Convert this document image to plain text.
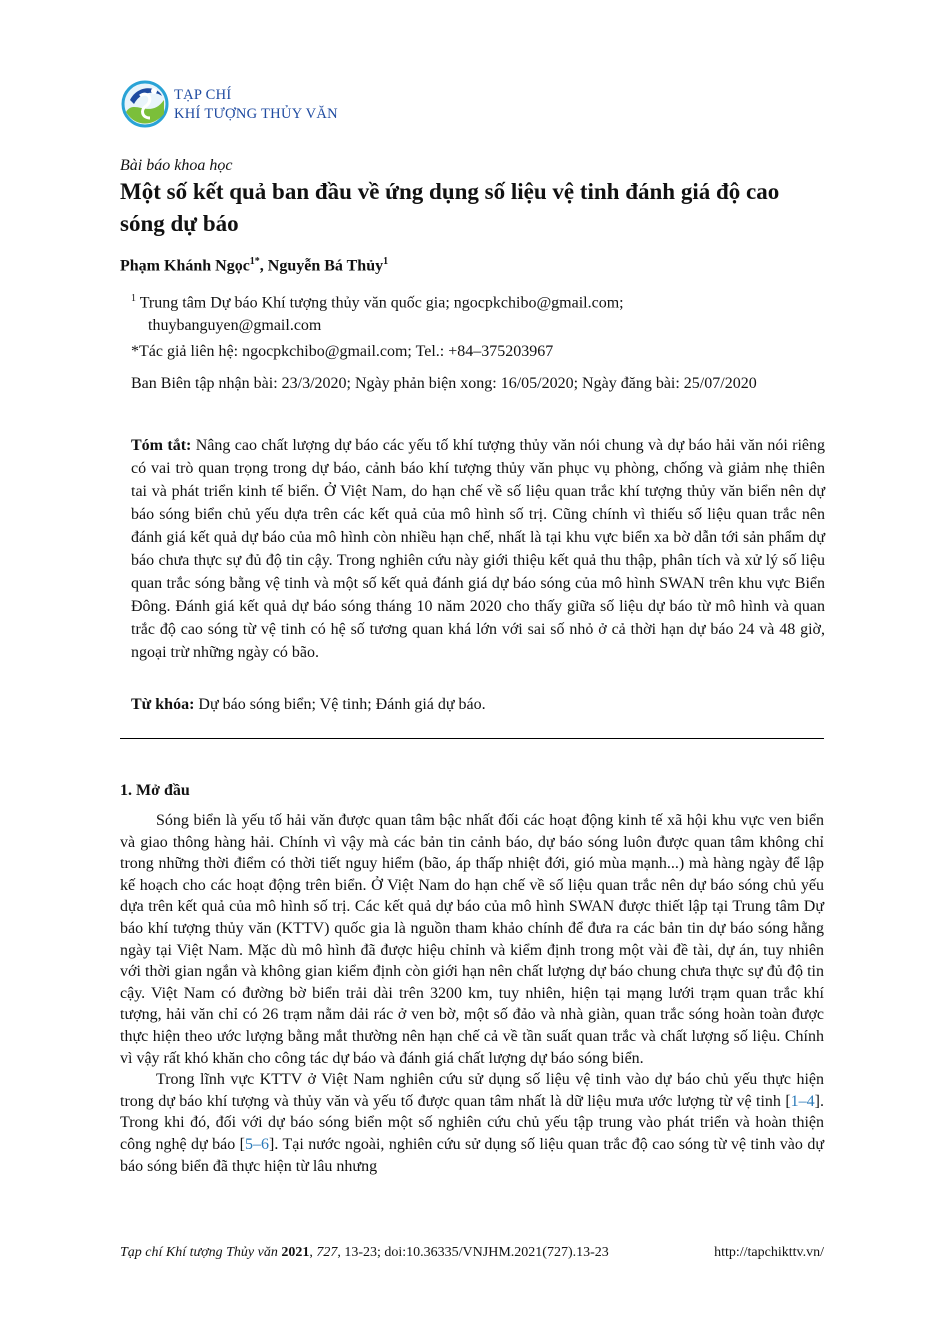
TẠP CHÍ
KHÍ TƯỢNG THỦY VĂN
Bài báo khoa học
Một số kết quả ban đầu về ứng dụng số liệu vệ tinh đánh giá độ cao sóng dự báo
Phạm Khánh Ngọc$^{1*}$, Nguyễn Bá Thủy$^1$
$^1$ Trung tâm Dự báo Khí tượng thủy văn quốc gia; ngocpkchibo@gmail.com;
thuybanguyen@gmail.com
*Tác giả liên hệ: ngocpkchibo@gmail.com; Tel.: +84–375203967
Ban Biên tập nhận bài: 23/3/2020; Ngày phản biện xong: 16/05/2020; Ngày đăng bài: 25/07/2020
Tóm tắt: Nâng cao chất lượng dự báo các yếu tố khí tượng thủy văn nói chung và dự báo hải văn nói riêng có vai trò quan trọng trong dự báo, cảnh báo khí tượng thủy văn phục vụ phòng, chống và giảm nhẹ thiên tai và phát triển kinh tế biển. Ở Việt Nam, do hạn chế về số liệu quan trắc khí tượng thủy văn biển nên dự báo sóng biển chủ yếu dựa trên các kết quả của mô hình số trị. Cũng chính vì thiếu số liệu quan trắc nên đánh giá kết quả dự báo của mô hình còn nhiều hạn chế, nhất là tại khu vực biển xa bờ dẫn tới sản phẩm dự báo chưa thực sự đủ độ tin cậy. Trong nghiên cứu này giới thiệu kết quả thu thập, phân tích và xử lý số liệu quan trắc sóng bằng vệ tinh và một số kết quả đánh giá dự báo sóng của mô hình SWAN trên khu vực Biển Đông. Đánh giá kết quả dự báo sóng tháng 10 năm 2020 cho thấy giữa số liệu dự báo từ mô hình và quan trắc độ cao sóng từ vệ tinh có hệ số tương quan khá lớn với sai số nhỏ ở cả thời hạn dự báo 24 và 48 giờ, ngoại trừ những ngày có bão.
Từ khóa: Dự báo sóng biển; Vệ tinh; Đánh giá dự báo.
1. Mở đầu

Sóng biển là yếu tố hải văn được quan tâm bậc nhất đối các hoạt động kinh tế xã hội khu vực ven biển và giao thông hàng hải. Chính vì vậy mà các bản tin cảnh báo, dự báo sóng luôn được quan tâm không chỉ trong những thời điểm có thời tiết nguy hiểm (bão, áp thấp nhiệt đới, gió mùa mạnh...) mà hàng ngày để lập kế hoạch cho các hoạt động trên biển. Ở Việt Nam do hạn chế về số liệu quan trắc nên dự báo sóng chủ yếu dựa trên kết quả của mô hình số trị. Các kết quả dự báo của mô hình SWAN được thiết lập tại Trung tâm Dự báo khí tượng thủy văn (KTTV) quốc gia là nguồn tham khảo chính để đưa ra các bản tin dự báo sóng hằng ngày tại Việt Nam. Mặc dù mô hình đã được hiệu chỉnh và kiểm định trong một vài đề tài, dự án, tuy nhiên với thời gian ngắn và không gian kiểm định còn giới hạn nên chất lượng dự báo chung chưa thực sự đủ độ tin cậy. Việt Nam có đường bờ biển trải dài trên 3200 km, tuy nhiên, hiện tại mạng lưới trạm quan trắc khí tượng, hải văn chỉ có 26 trạm nằm dải rác ở ven bờ, một số đảo và nhà giàn, quan trắc sóng hoàn toàn được thực hiện theo ước lượng bằng mắt thường nên hạn chế cả về tần suất quan trắc và chất lượng số liệu. Chính vì vậy rất khó khăn cho công tác dự báo và đánh giá chất lượng dự báo sóng biển.

Trong lĩnh vực KTTV ở Việt Nam nghiên cứu sử dụng số liệu vệ tinh vào dự báo chủ yếu thực hiện trong dự báo khí tượng và thủy văn và yếu tố được quan tâm nhất là dữ liệu mưa ước lượng từ vệ tinh [1–4]. Trong khi đó, đối với dự báo sóng biển một số nghiên cứu chủ yếu tập trung vào phát triển và hoàn thiện công nghệ dự báo [5–6]. Tại nước ngoài, nghiên cứu sử dụng số liệu quan trắc độ cao sóng từ vệ tinh vào dự báo sóng biển đã thực hiện từ lâu nhưng

Tạp chí Khí tượng Thủy văn 2021, 727, 13-23; doi:10.36335/VNJHM.2021(727).13-23	http://tapchikttv.vn/
